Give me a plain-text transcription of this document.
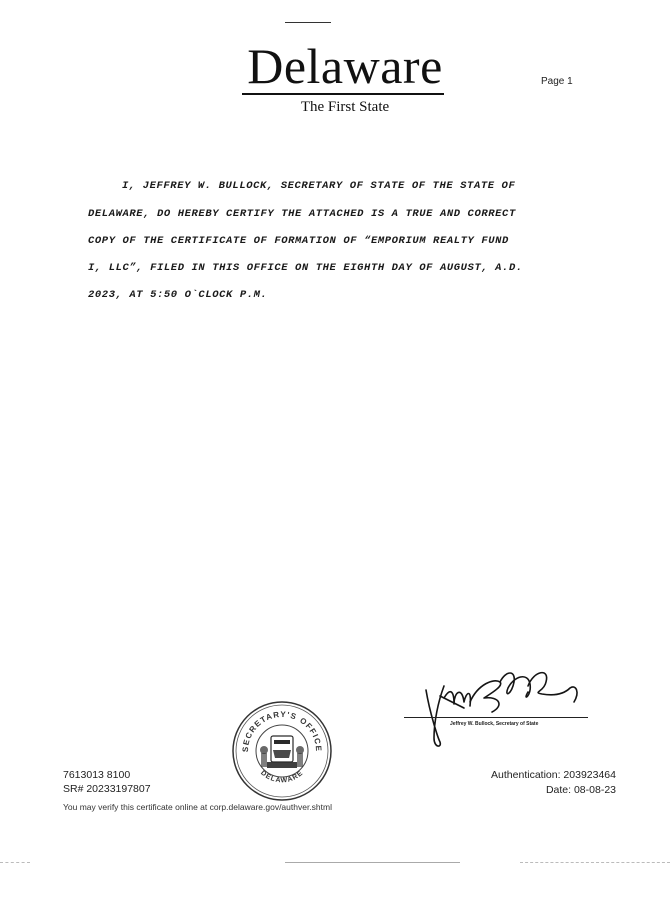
Delaware
The First State
Page 1
I, JEFFREY W. BULLOCK, SECRETARY OF STATE OF THE STATE OF
DELAWARE, DO HEREBY CERTIFY THE ATTACHED IS A TRUE AND CORRECT
COPY OF THE CERTIFICATE OF FORMATION OF “EMPORIUM REALTY FUND
I, LLC”, FILED IN THIS OFFICE ON THE EIGHTH DAY OF AUGUST, A.D.
2023, AT 5:50 O`CLOCK P.M.
Jeffrey W. Bullock, Secretary of State
SECRETARY'S OFFICE
DELAWARE
7613013 8100
SR# 20233197807
You may verify this certificate online at corp.delaware.gov/authver.shtml
Authentication: 203923464
Date: 08-08-23
